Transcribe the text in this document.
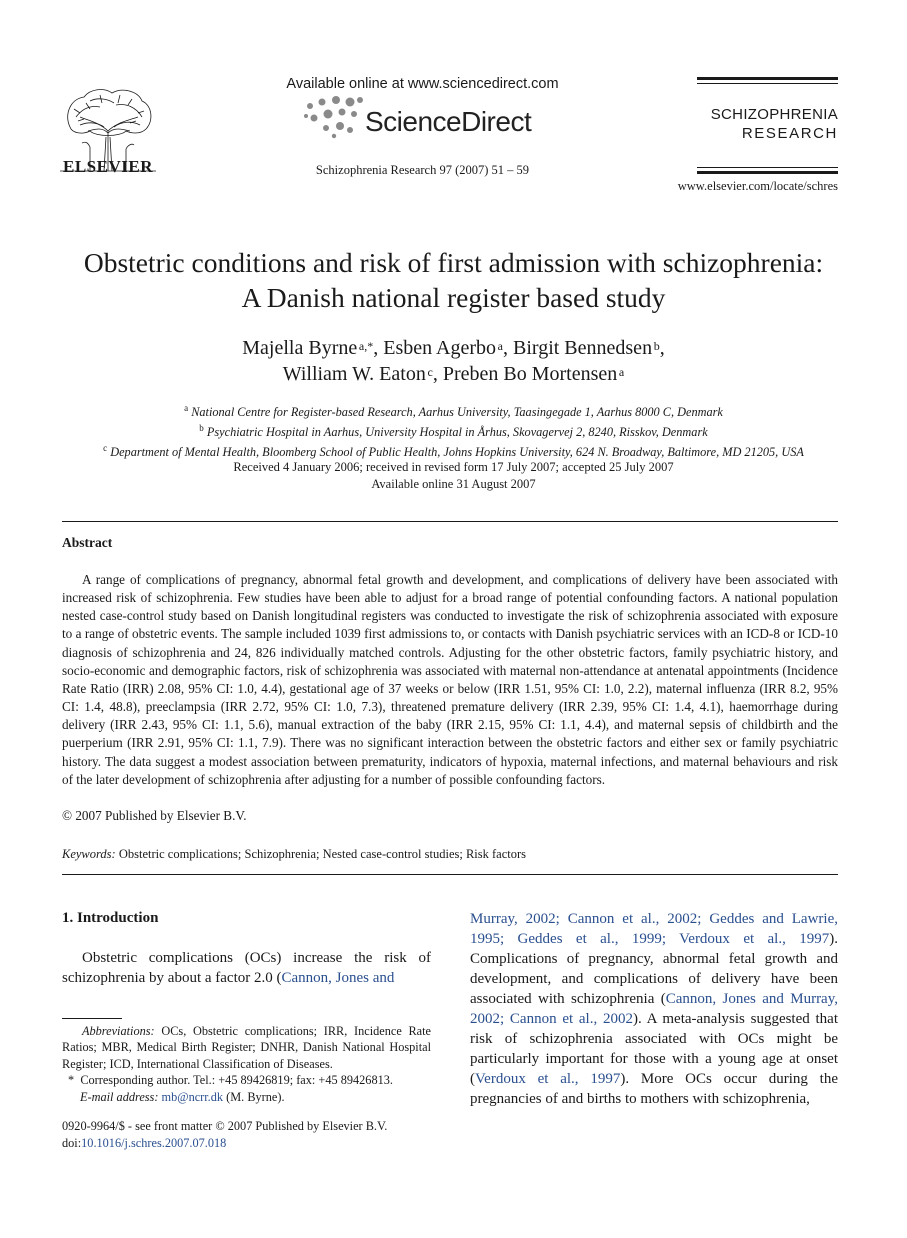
ELSEVIER
Available online at www.sciencedirect.com
ScienceDirect
Schizophrenia Research 97 (2007) 51 – 59
SCHIZOPHRENIA
RESEARCH
www.elsevier.com/locate/schres
Obstetric conditions and risk of first admission with schizophrenia:
A Danish national register based study
Majella Byrne  $^{a,*}$, Esben Agerbo  $^a$, Birgit Bennedsen  $^b$,
William W. Eaton  $^c$, Preben Bo Mortensen  $^a$
$^a$ National Centre for Register-based Research, Aarhus University, Taasingegade 1, Aarhus 8000 C, Denmark
$^b$ Psychiatric Hospital in Aarhus, University Hospital in Århus, Skovagervej 2, 8240, Risskov, Denmark
$^c$ Department of Mental Health, Bloomberg School of Public Health, Johns Hopkins University, 624 N. Broadway, Baltimore, MD 21205, USA
Received 4 January 2006; received in revised form 17 July 2007; accepted 25 July 2007
Available online 31 August 2007
Abstract
A range of complications of pregnancy, abnormal fetal growth and development, and complications of delivery have been associated with increased risk of schizophrenia. Few studies have been able to adjust for a broad range of potential confounding factors. A national population nested case-control study based on Danish longitudinal registers was conducted to investigate the risk of schizophrenia associated with exposure to a range of obstetric events. The sample included 1039 first admissions to, or contacts with Danish psychiatric services with an ICD-8 or ICD-10 diagnosis of schizophrenia and 24, 826 individually matched controls. Adjusting for the other obstetric factors, family psychiatric history, and socio-economic and demographic factors, risk of schizophrenia was associated with maternal non-attendance at antenatal appointments (Incidence Rate Ratio (IRR) 2.08, 95% CI: 1.0, 4.4), gestational age of 37 weeks or below (IRR 1.51, 95% CI: 1.0, 2.2), maternal influenza (IRR 8.2, 95% CI: 1.4, 48.8), preeclampsia (IRR 2.72, 95% CI: 1.0, 7.3), threatened premature delivery (IRR 2.39, 95% CI: 1.4, 4.1), haemorrhage during delivery (IRR 2.43, 95% CI: 1.1, 5.6), manual extraction of the baby (IRR 2.15, 95% CI: 1.1, 4.4), and maternal sepsis of childbirth and the puerperium (IRR 2.91, 95% CI: 1.1, 7.9). There was no significant interaction between the obstetric factors and either sex or family psychiatric history. The data suggest a modest association between prematurity, indicators of hypoxia, maternal infections, and maternal behaviours and risk of the later development of schizophrenia after adjusting for a number of possible confounding factors.
© 2007 Published by Elsevier B.V.
Keywords: Obstetric complications; Schizophrenia; Nested case-control studies; Risk factors
1. Introduction
Obstetric complications (OCs) increase the risk of schizophrenia by about a factor 2.0 (Cannon, Jones and

Abbreviations: OCs, Obstetric complications; IRR, Incidence Rate Ratios; MBR, Medical Birth Register; DNHR, Danish National Hospital Register; ICD, International Classification of Diseases.

* Corresponding author. Tel.: +45 89426819; fax: +45 89426813.

E-mail address: mb@ncrr.dk (M. Byrne).

0920-9964/$ - see front matter © 2007 Published by Elsevier B.V.
doi:10.1016/j.schres.2007.07.018
Murray, 2002; Cannon et al., 2002; Geddes and Lawrie, 1995; Geddes et al., 1999; Verdoux et al., 1997). Complications of pregnancy, abnormal fetal growth and development, and complications of delivery have been associated with schizophrenia (Cannon, Jones and Murray, 2002; Cannon et al., 2002). A meta-analysis suggested that risk of schizophrenia associated with OCs might be particularly important for those with a young age at onset (Verdoux et al., 1997). More OCs occur during the pregnancies of and births to mothers with schizophrenia,
